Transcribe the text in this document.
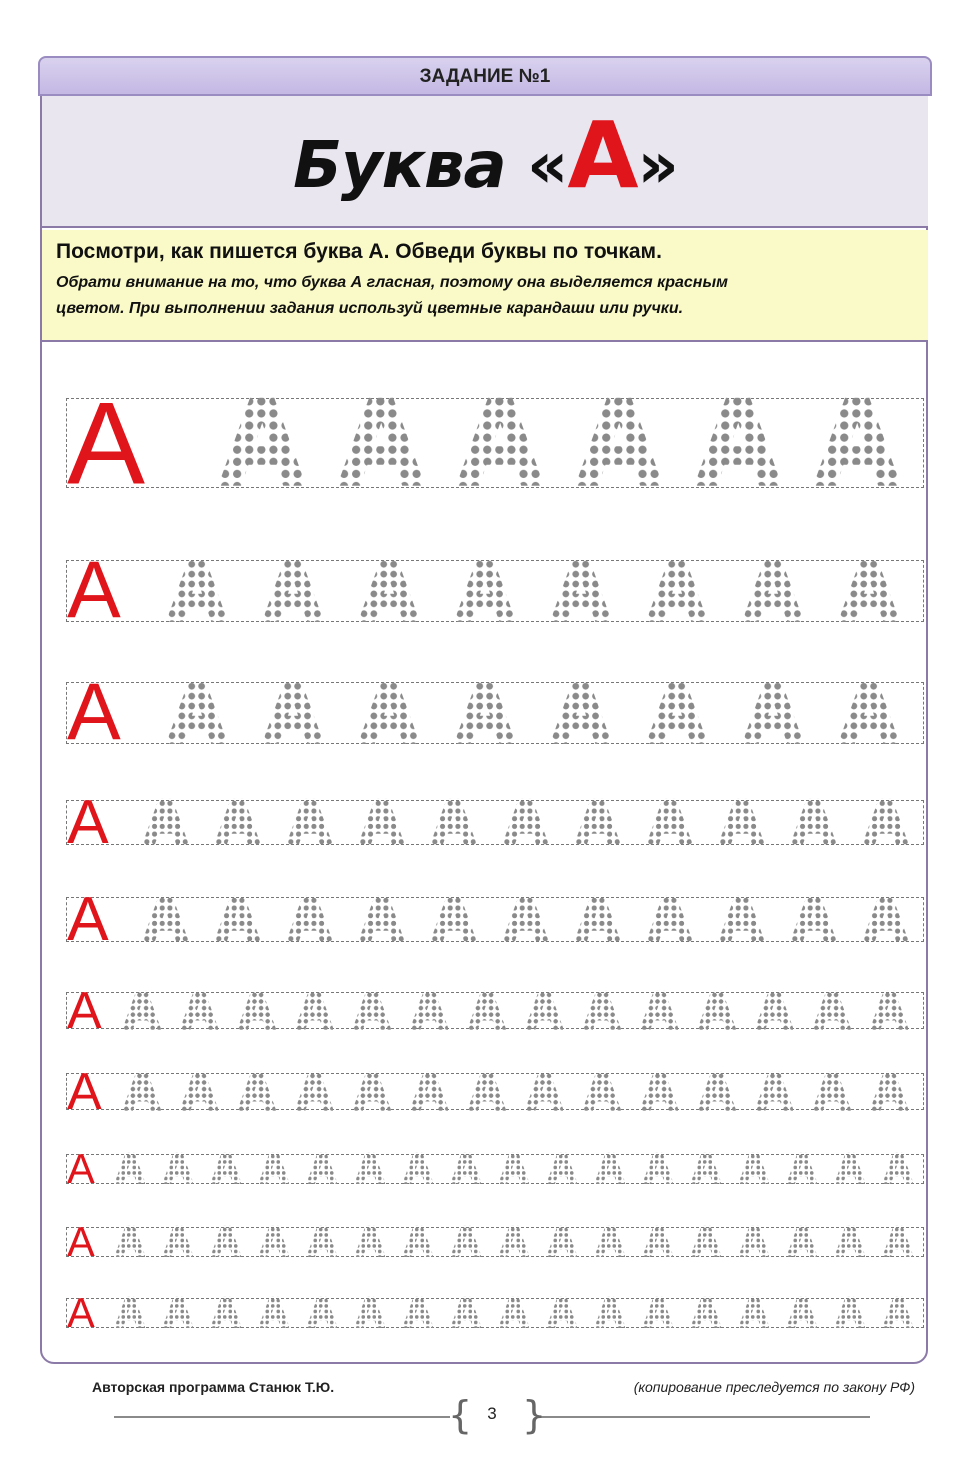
ЗАДАНИЕ №1
Буква «А»

Посмотри, как пишется буква А. Обведи буквы по точкам.

Обрати внимание на то, что буква А гласная, поэтому она выделяется красным

цветом. При выполнении задания используй цветные карандаши или ручки.

А А А А А А А
А А А А А А А А А
А А А А А А А А А
А А А А А А А А А А А А
А А А А А А А А А А А А
А А А А А А А А А А А А А А А
А А А А А А А А А А А А А А А
А А А А А А А А А А А А А А А А А А
А А А А А А А А А А А А А А А А А А
А А А А А А А А А А А А А А А А А А
Авторская программа Станюк Т.Ю.	(копирование преследуется по закону РФ)
{ }
3
